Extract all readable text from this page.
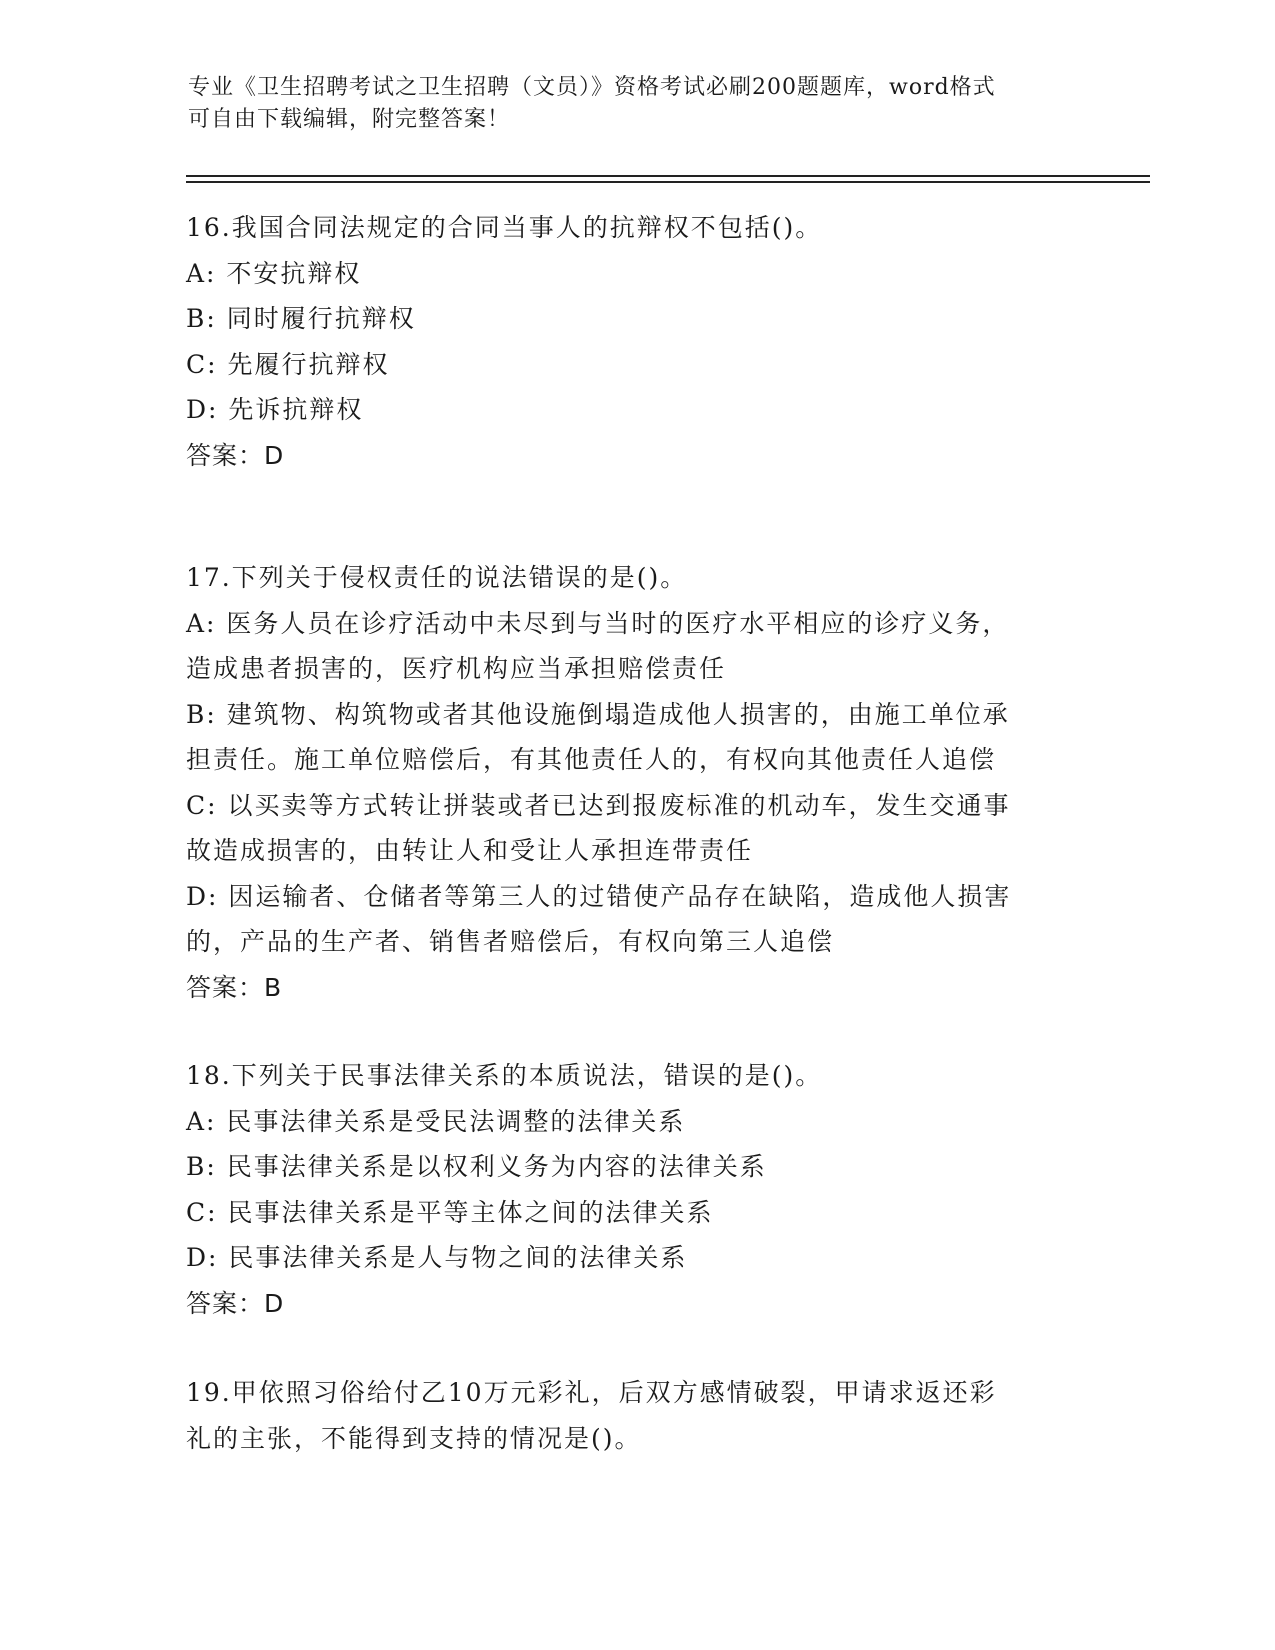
专业《卫生招聘考试之卫生招聘（文员）》资格考试必刷200题题库，word格式
可自由下载编辑，附完整答案！
16.我国合同法规定的合同当事人的抗辩权不包括()。
A: 不安抗辩权
B: 同时履行抗辩权
C: 先履行抗辩权
D: 先诉抗辩权
答案：D
17.下列关于侵权责任的说法错误的是()。
A: 医务人员在诊疗活动中未尽到与当时的医疗水平相应的诊疗义务，
造成患者损害的，医疗机构应当承担赔偿责任
B: 建筑物、构筑物或者其他设施倒塌造成他人损害的，由施工单位承
担责任。施工单位赔偿后，有其他责任人的，有权向其他责任人追偿
C: 以买卖等方式转让拼装或者已达到报废标准的机动车，发生交通事
故造成损害的，由转让人和受让人承担连带责任
D: 因运输者、仓储者等第三人的过错使产品存在缺陷，造成他人损害
的，产品的生产者、销售者赔偿后，有权向第三人追偿
答案：B
18.下列关于民事法律关系的本质说法，错误的是()。
A: 民事法律关系是受民法调整的法律关系
B: 民事法律关系是以权利义务为内容的法律关系
C: 民事法律关系是平等主体之间的法律关系
D: 民事法律关系是人与物之间的法律关系
答案：D
19.甲依照习俗给付乙10万元彩礼，后双方感情破裂，甲请求返还彩
礼的主张，不能得到支持的情况是()。
